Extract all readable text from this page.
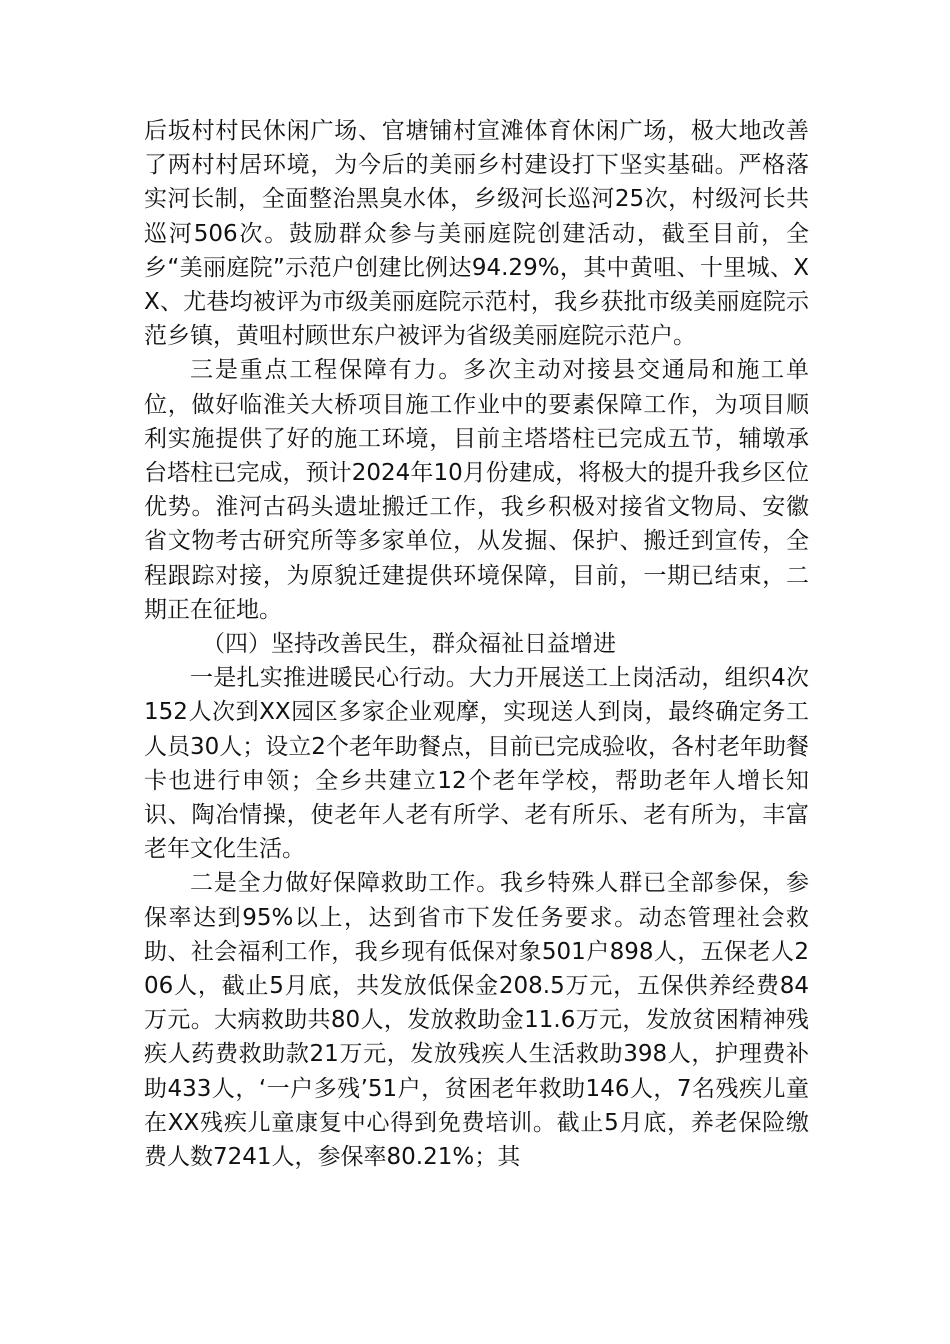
后坂村村民休闲广场、官塘铺村宣滩体育休闲广场，极大地改善了两村村居环境，为今后的美丽乡村建设打下坚实基础。严格落实河长制，全面整治黑臭水体，乡级河长巡河25次，村级河长共巡河506次。鼓励群众参与美丽庭院创建活动，截至目前，全乡“美丽庭院”示范户创建比例达94.29%，其中黄咀、十里城、XX、尤巷均被评为市级美丽庭院示范村，我乡获批市级美丽庭院示范乡镇，黄咀村顾世东户被评为省级美丽庭院示范户。

三是重点工程保障有力。多次主动对接县交通局和施工单位，做好临淮关大桥项目施工作业中的要素保障工作，为项目顺利实施提供了好的施工环境，目前主塔塔柱已完成五节，辅墩承台塔柱已完成，预计2024年10月份建成，将极大的提升我乡区位优势。淮河古码头遗址搬迁工作，我乡积极对接省文物局、安徽省文物考古研究所等多家单位，从发掘、保护、搬迁到宣传，全程跟踪对接，为原貌迁建提供环境保障，目前，一期已结束，二期正在征地。

（四）坚持改善民生，群众福祉日益增进

一是扎实推进暖民心行动。大力开展送工上岗活动，组织4次152人次到XX园区多家企业观摩，实现送人到岗，最终确定务工人员30人；设立2个老年助餐点，目前已完成验收，各村老年助餐卡也进行申领；全乡共建立12个老年学校，帮助老年人增长知识、陶冶情操，使老年人老有所学、老有所乐、老有所为，丰富老年文化生活。

二是全力做好保障救助工作。我乡特殊人群已全部参保，参保率达到95%以上，达到省市下发任务要求。动态管理社会救助、社会福利工作，我乡现有低保对象501户898人，五保老人206人，截止5月底，共发放低保金208.5万元，五保供养经费84万元。大病救助共80人，发放救助金11.6万元，发放贫困精神残疾人药费救助款21万元，发放残疾人生活救助398人，护理费补助433人，‘一户多残’51户，贫困老年救助146人，7名残疾儿童在XX残疾儿童康复中心得到免费培训。截止5月底，养老保险缴费人数7241人，参保率80.21%；其
